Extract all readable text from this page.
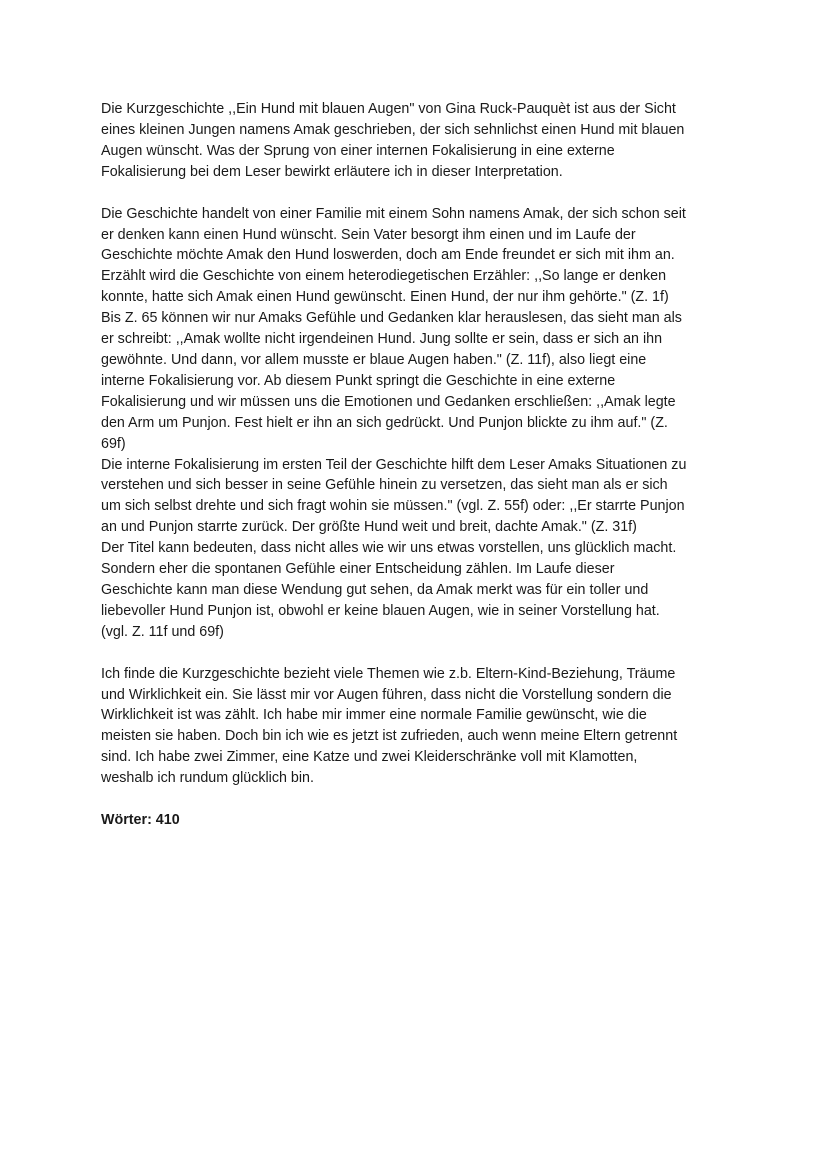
Die Kurzgeschichte ,,Ein Hund mit blauen Augen" von Gina Ruck-Pauquèt ist aus der Sicht
eines kleinen Jungen namens Amak geschrieben, der sich sehnlichst einen Hund mit blauen
Augen wünscht. Was der Sprung von einer internen Fokalisierung in eine externe
Fokalisierung bei dem Leser bewirkt erläutere ich in dieser Interpretation.

Die Geschichte handelt von einer Familie mit einem Sohn namens Amak, der sich schon seit
er denken kann einen Hund wünscht. Sein Vater besorgt ihm einen und im Laufe der
Geschichte möchte Amak den Hund loswerden, doch am Ende freundet er sich mit ihm an.
Erzählt wird die Geschichte von einem heterodiegetischen Erzähler: ,,So lange er denken
konnte, hatte sich Amak einen Hund gewünscht. Einen Hund, der nur ihm gehörte." (Z. 1f)
Bis Z. 65 können wir nur Amaks Gefühle und Gedanken klar herauslesen, das sieht man als
er schreibt: ,,Amak wollte nicht irgendeinen Hund. Jung sollte er sein, dass er sich an ihn
gewöhnte. Und dann, vor allem musste er blaue Augen haben." (Z. 11f), also liegt eine
interne Fokalisierung vor. Ab diesem Punkt springt die Geschichte in eine externe
Fokalisierung und wir müssen uns die Emotionen und Gedanken erschließen: ,,Amak legte
den Arm um Punjon. Fest hielt er ihn an sich gedrückt. Und Punjon blickte zu ihm auf." (Z.
69f)
Die interne Fokalisierung im ersten Teil der Geschichte hilft dem Leser Amaks Situationen zu
verstehen und sich besser in seine Gefühle hinein zu versetzen, das sieht man als er sich
um sich selbst drehte und sich fragt wohin sie müssen." (vgl. Z. 55f) oder: ,,Er starrte Punjon
an und Punjon starrte zurück. Der größte Hund weit und breit, dachte Amak." (Z. 31f)
Der Titel kann bedeuten, dass nicht alles wie wir uns etwas vorstellen, uns glücklich macht.
Sondern eher die spontanen Gefühle einer Entscheidung zählen. Im Laufe dieser
Geschichte kann man diese Wendung gut sehen, da Amak merkt was für ein toller und
liebevoller Hund Punjon ist, obwohl er keine blauen Augen, wie in seiner Vorstellung hat.
(vgl. Z. 11f und 69f)

Ich finde die Kurzgeschichte bezieht viele Themen wie z.b. Eltern-Kind-Beziehung, Träume
und Wirklichkeit ein. Sie lässt mir vor Augen führen, dass nicht die Vorstellung sondern die
Wirklichkeit ist was zählt. Ich habe mir immer eine normale Familie gewünscht, wie die
meisten sie haben. Doch bin ich wie es jetzt ist zufrieden, auch wenn meine Eltern getrennt
sind. Ich habe zwei Zimmer, eine Katze und zwei Kleiderschränke voll mit Klamotten,
weshalb ich rundum glücklich bin.

Wörter: 410
